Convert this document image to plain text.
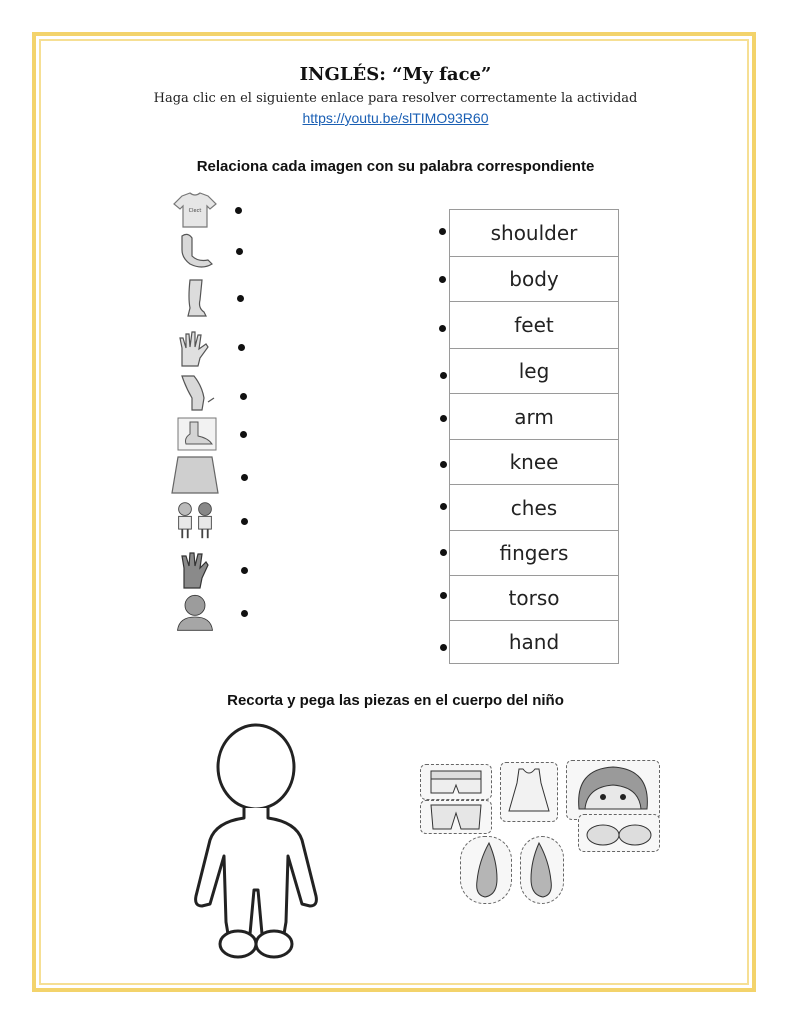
INGLÉS: “My face”
Haga clic en el siguiente enlace para resolver correctamente la actividad
https://youtu.be/slTIMO93R60
Relaciona cada imagen con su palabra correspondiente
Clect
shoulder
body
feet
leg
arm
knee
ches
fingers
torso
hand
Recorta y pega las piezas en el cuerpo del niño
